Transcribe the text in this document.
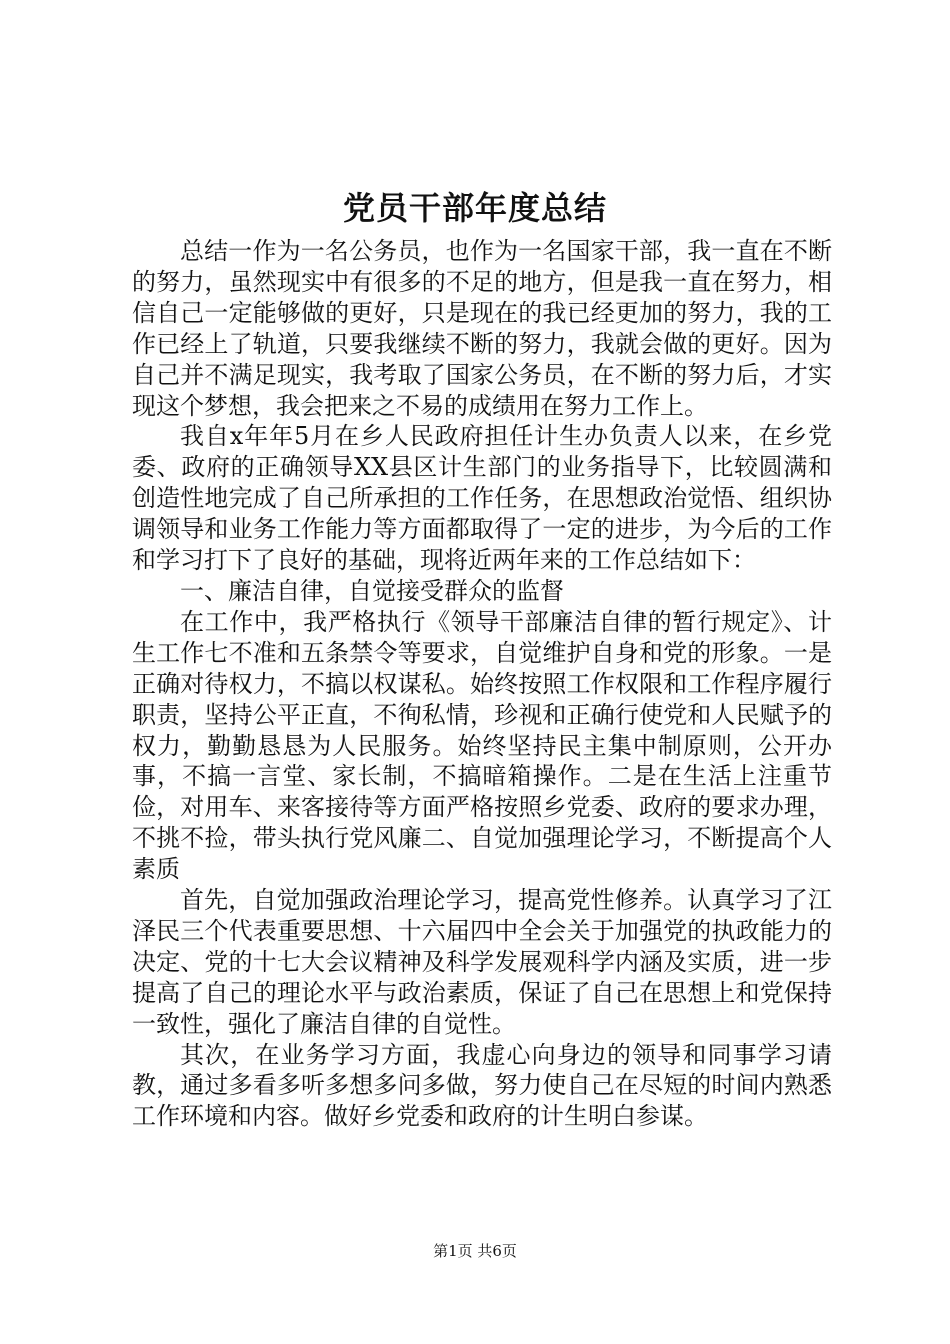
党员干部年度总结

总结一作为一名公务员，也作为一名国家干部，我一直在不断的努力，虽然现实中有很多的不足的地方，但是我一直在努力，相信自己一定能够做的更好，只是现在的我已经更加的努力，我的工作已经上了轨道，只要我继续不断的努力，我就会做的更好。因为自己并不满足现实，我考取了国家公务员，在不断的努力后，才实现这个梦想，我会把来之不易的成绩用在努力工作上。

我自x年年5月在乡人民政府担任计生办负责人以来，在乡党委、政府的正确领导XX县区计生部门的业务指导下，比较圆满和创造性地完成了自己所承担的工作任务，在思想政治觉悟、组织协调领导和业务工作能力等方面都取得了一定的进步，为今后的工作和学习打下了良好的基础，现将近两年来的工作总结如下：

一、廉洁自律，自觉接受群众的监督

在工作中，我严格执行《领导干部廉洁自律的暂行规定》、计生工作七不准和五条禁令等要求，自觉维护自身和党的形象。一是正确对待权力，不搞以权谋私。始终按照工作权限和工作程序履行职责，坚持公平正直，不徇私情，珍视和正确行使党和人民赋予的权力，勤勤恳恳为人民服务。始终坚持民主集中制原则，公开办事，不搞一言堂、家长制，不搞暗箱操作。二是在生活上注重节俭，对用车、来客接待等方面严格按照乡党委、政府的要求办理，不挑不捡，带头执行党风廉二、自觉加强理论学习，不断提高个人素质

首先，自觉加强政治理论学习，提高党性修养。认真学习了江泽民三个代表重要思想、十六届四中全会关于加强党的执政能力的决定、党的十七大会议精神及科学发展观科学内涵及实质，进一步提高了自己的理论水平与政治素质，保证了自己在思想上和党保持一致性，强化了廉洁自律的自觉性。

其次，在业务学习方面，我虚心向身边的领导和同事学习请教，通过多看多听多想多问多做，努力使自己在尽短的时间内熟悉工作环境和内容。做好乡党委和政府的计生明白参谋。

第1页 共6页
